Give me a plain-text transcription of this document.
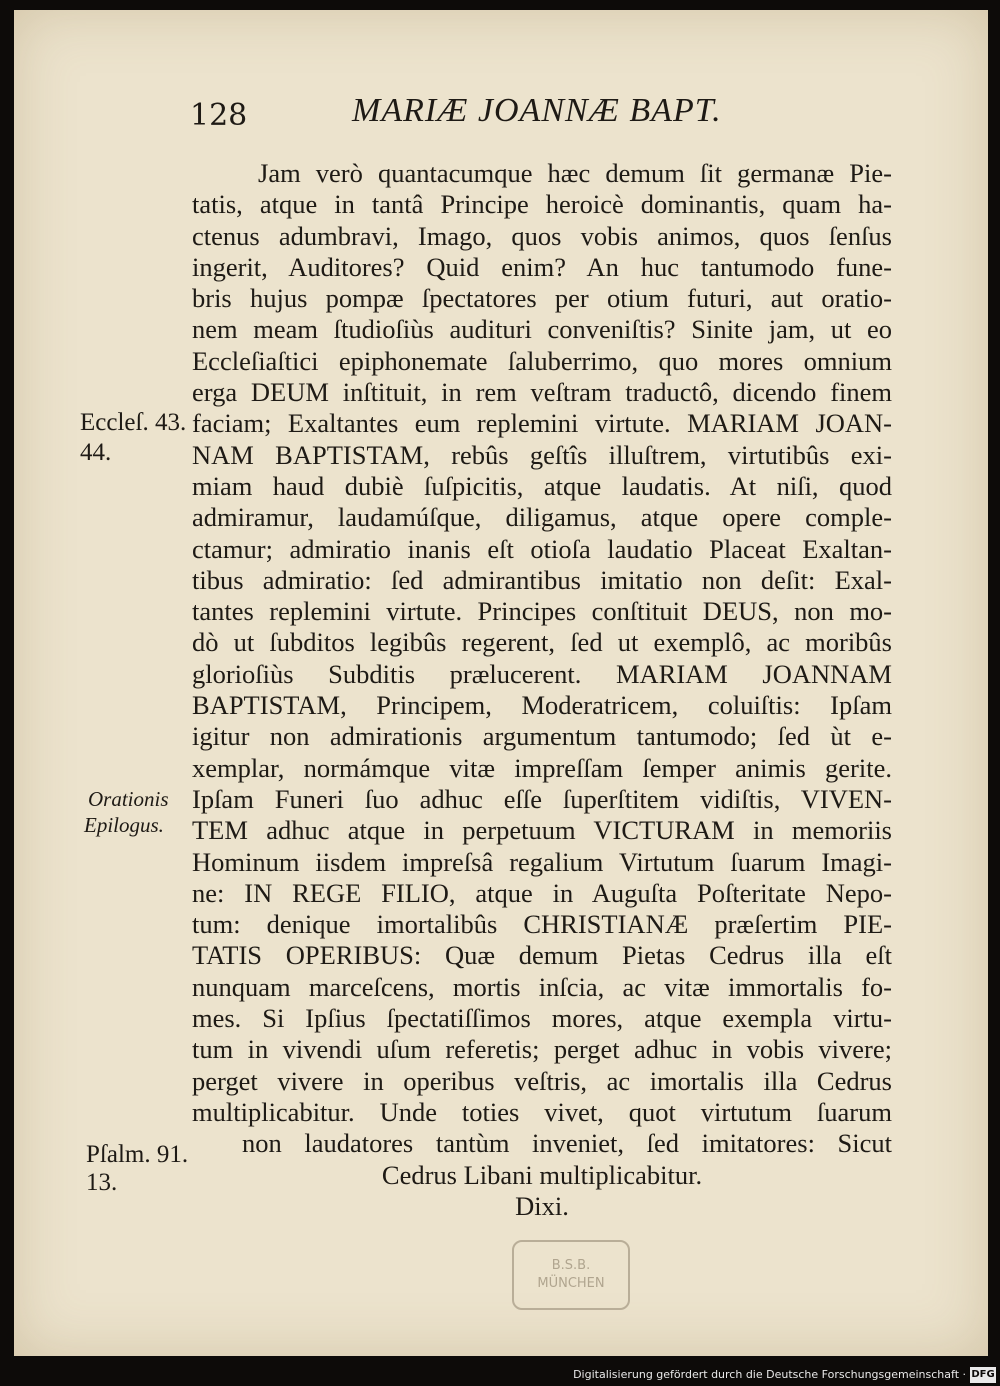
128	MARIÆ JOANNÆ BAPT.
Jam verò quantacumque hæc demum ſit germanæ Pie-
tatis, atque in tantâ Principe heroicè dominantis, quam ha-
ctenus adumbravi, Imago, quos vobis animos, quos ſenſus
ingerit, Auditores? Quid enim? An huc tantumodo fune-
bris hujus pompæ ſpectatores per otium futuri, aut oratio-
nem meam ſtudioſiùs audituri conveniſtis? Sinite jam, ut eo
Eccleſiaſtici epiphonemate ſaluberrimo, quo mores omnium
erga DEUM inſtituit, in rem veſtram traductô, dicendo finem
faciam; Exaltantes eum replemini virtute. MARIAM JOAN-
NAM BAPTISTAM, rebûs geſtîs illuſtrem, virtutibûs exi-
miam haud dubiè ſuſpicitis, atque laudatis. At niſi, quod
admiramur, laudamúſque, diligamus, atque opere comple-
ctamur; admiratio inanis eſt otioſa laudatio Placeat Exaltan-
tibus admiratio: ſed admirantibus imitatio non deſit: Exal-
tantes replemini virtute. Principes conſtituit DEUS, non mo-
dò ut ſubditos legibûs regerent, ſed ut exemplô, ac moribûs
glorioſiùs Subditis prælucerent. MARIAM JOANNAM
BAPTISTAM, Principem, Moderatricem, coluiſtis: Ipſam
igitur non admirationis argumentum tantumodo; ſed ùt e-
xemplar, normámque vitæ impreſſam ſemper animis gerite.
Ipſam Funeri ſuo adhuc eſſe ſuperſtitem vidiſtis, VIVEN-
TEM adhuc atque in perpetuum VICTURAM in memoriis
Hominum iisdem impreſsâ regalium Virtutum ſuarum Imagi-
ne: IN REGE FILIO, atque in Auguſta Poſteritate Nepo-
tum: denique imortalibûs CHRISTIANÆ præſertim PIE-
TATIS OPERIBUS: Quæ demum Pietas Cedrus illa eſt
nunquam marceſcens, mortis inſcia, ac vitæ immortalis fo-
mes. Si Ipſius ſpectatiſſimos mores, atque exempla virtu-
tum in vivendi uſum referetis; perget adhuc in vobis vivere;
perget vivere in operibus veſtris, ac imortalis illa Cedrus
multiplicabitur. Unde toties vivet, quot virtutum ſuarum
non laudatores tantùm inveniet, ſed imitatores: Sicut
Cedrus Libani multiplicabitur.
Dixi.
Eccleſ. 43.
44.
Orationis
Epilogus.
Pſalm. 91.
13.
B.S.B.
MÜNCHEN
Digitalisierung gefördert durch die Deutsche Forschungsgemeinschaft · DFG
